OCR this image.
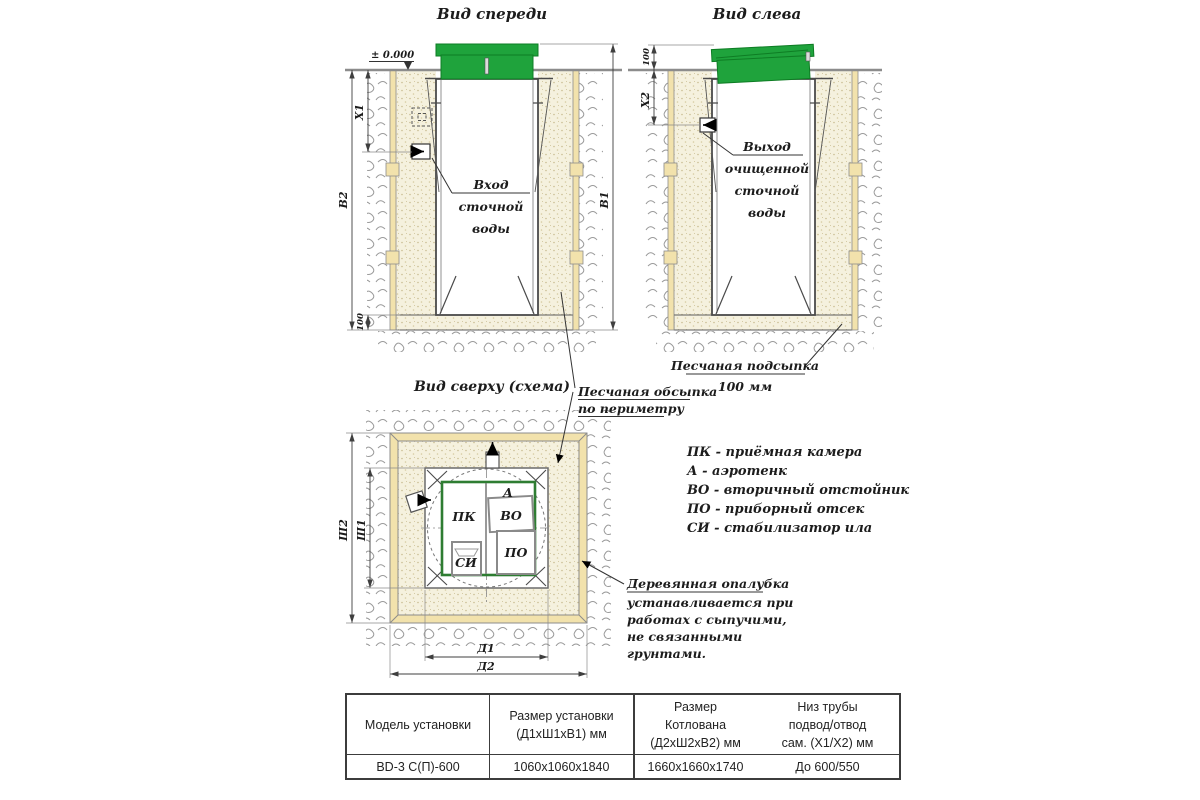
Вид спереди
± 0.000
В2
X1
100
В1
Вход
сточной
воды
Вид слева
100
X2
Выход
очищенной
сточной
воды
Песчаная подсыпка
100 мм
Вид сверху (схема)
ПК
А
ВО
ПО
СИ
Ш2 Ш1
Д1
Д2
Песчаная обсыпка
по периметру
ПК - приёмная камера
А - аэротенк
ВО - вторичный отстойник
ПО - приборный отсек
СИ - стабилизатор ила
Деревянная опалубка
устанавливается при
работах с сыпучими,
не связанными
грунтами.
Модель установки

Размер установки
(Д1хШ1хВ1) мм

Размер
Котлована
(Д2хШ2хВ2) мм

Низ трубы
подвод/отвод
сам. (Х1/Х2) мм

BD-3 С(П)-600	1060х1060х1840	1660х1660х1740	До 600/550
